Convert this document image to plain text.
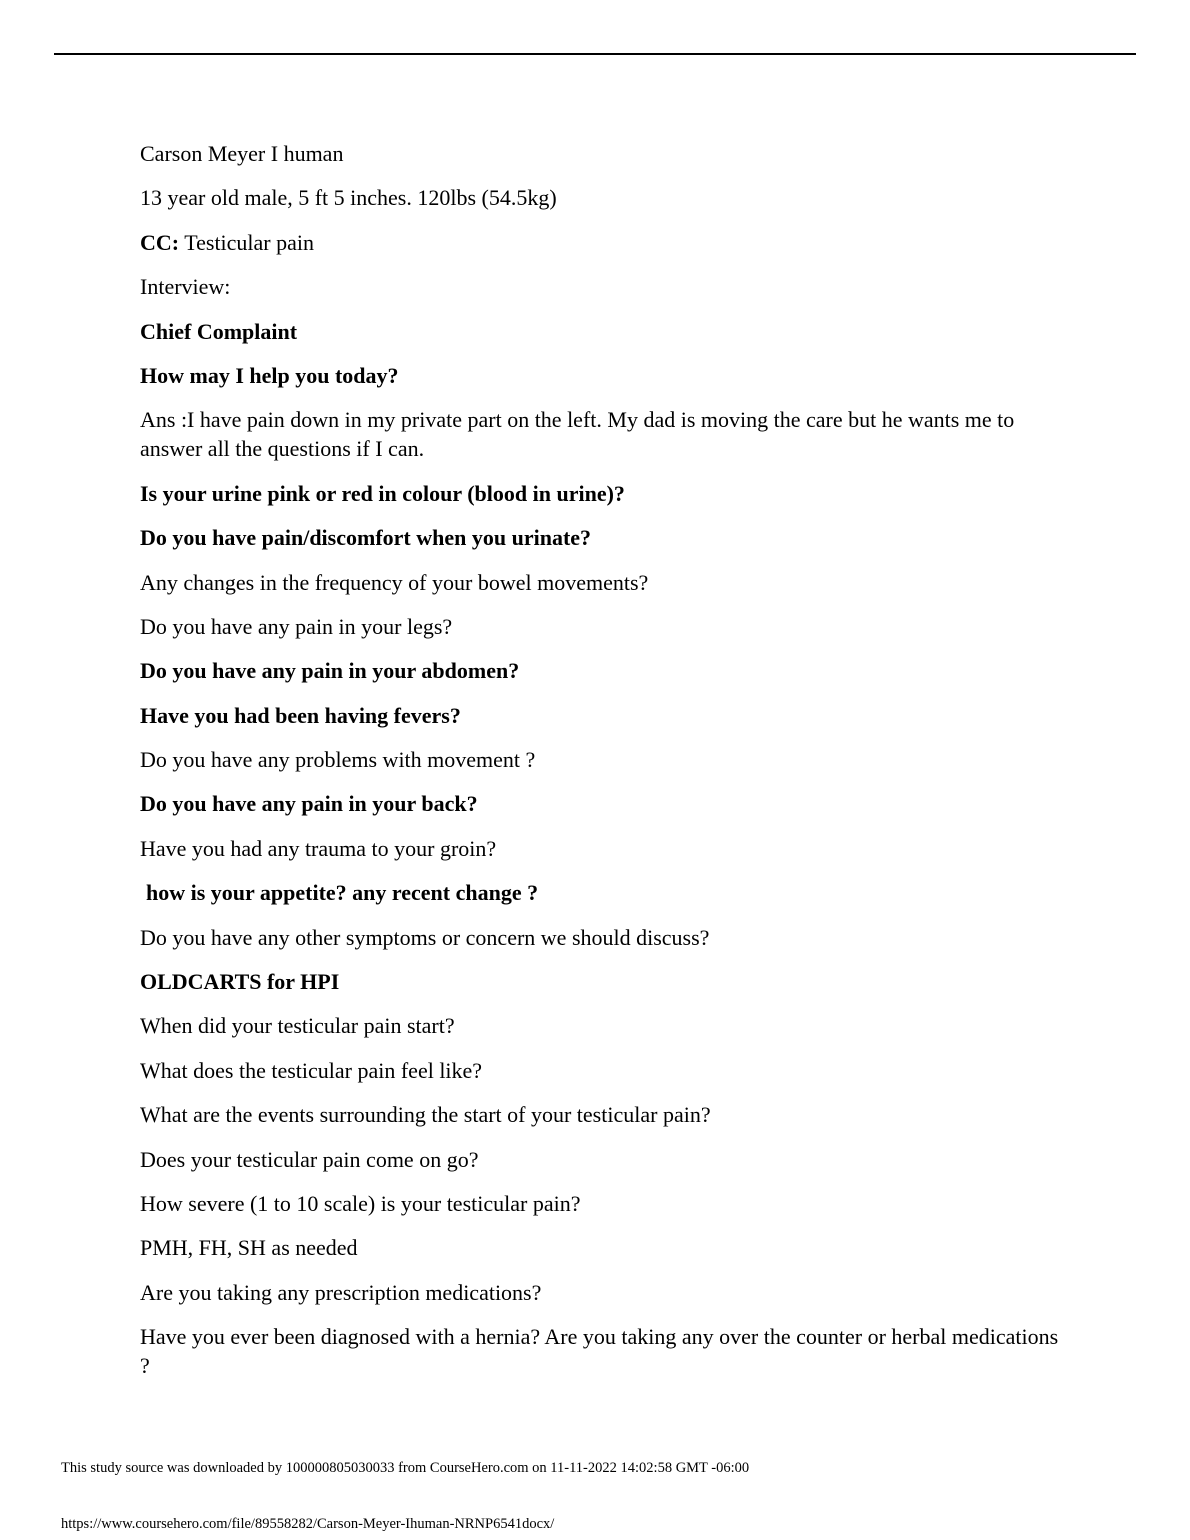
Carson Meyer I human

13 year old male, 5 ft 5 inches. 120lbs (54.5kg)

CC: Testicular pain

Interview:

Chief Complaint

How may I help you today?

Ans :I have pain down in my private part on the left. My dad is moving the care but he wants me to answer all the questions if I can.

Is your urine pink or red in colour (blood in urine)?

Do you have pain/discomfort when you urinate?

Any changes in the frequency of your bowel movements?

Do you have any pain in your legs?

Do you have any pain in your abdomen?

Have you had been having fevers?

Do you have any problems with movement ?

Do you have any pain in your back?

Have you had any trauma to your groin?

how is your appetite? any recent change ?

Do you have any other symptoms or concern we should discuss?

OLDCARTS for HPI

When did your testicular pain start?

What does the testicular pain feel like?

What are the events surrounding the start of your testicular pain?

Does your testicular pain come on go?

How severe (1 to 10 scale) is your testicular pain?

PMH, FH, SH as needed

Are you taking any prescription medications?

Have you ever been diagnosed with a hernia? Are you taking any over the counter or herbal medications ?

This study source was downloaded by 100000805030033 from CourseHero.com on 11-11-2022 14:02:58 GMT -06:00
https://www.coursehero.com/file/89558282/Carson-Meyer-Ihuman-NRNP6541docx/
